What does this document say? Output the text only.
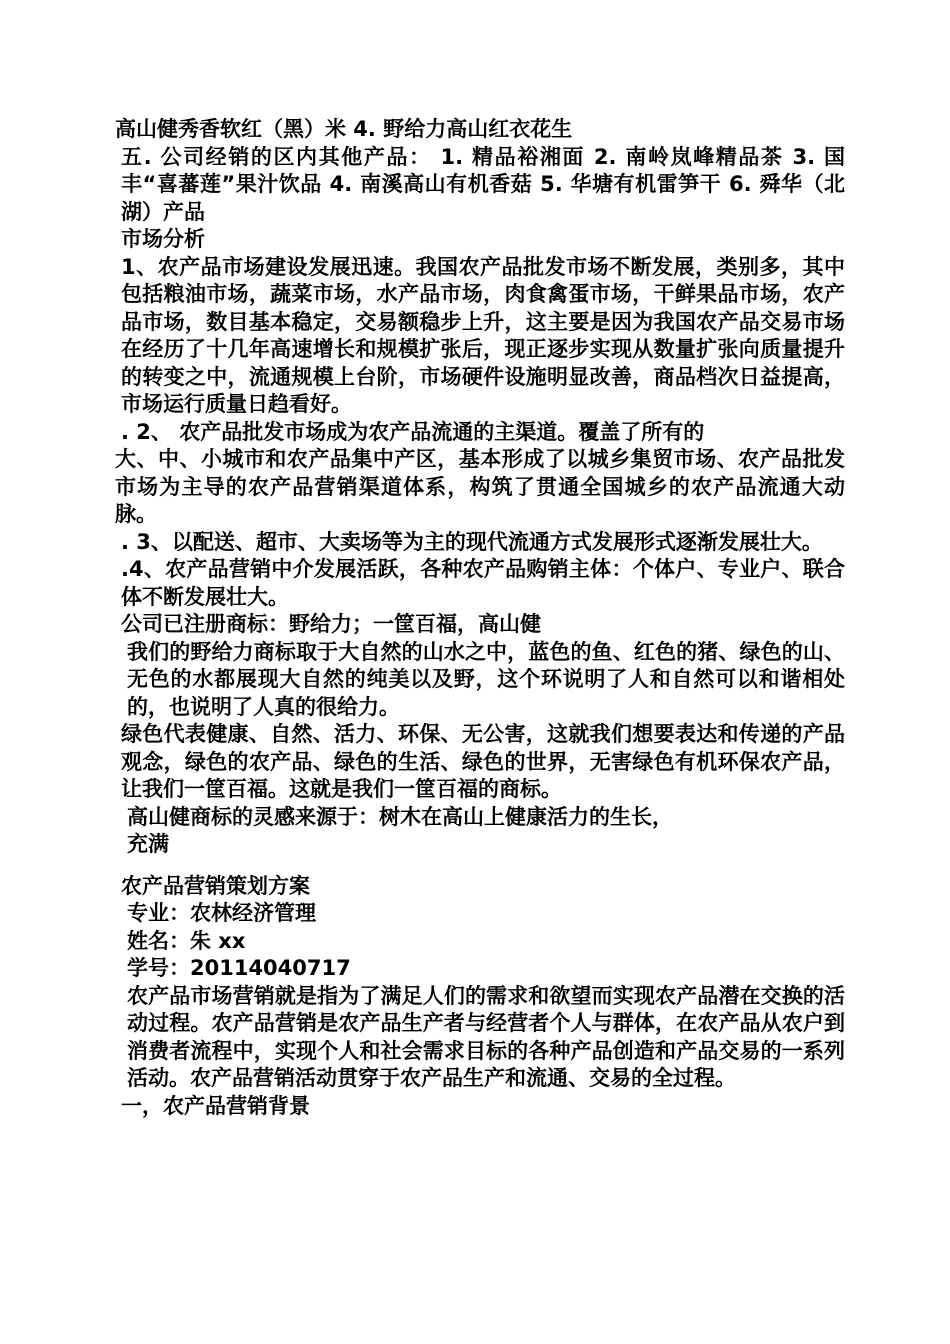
高山健秀香软红（黑）米 4. 野给力高山红衣花生

五. 公司经销的区内其他产品： 1. 精品裕湘面 2. 南岭岚峰精品茶 3. 国丰“喜蕃莲”果汁饮品 4. 南溪高山有机香菇 5. 华塘有机雷笋干 6. 舜华（北湖）产品

市场分析

1、农产品市场建设发展迅速。我国农产品批发市场不断发展，类别多，其中包括粮油市场，蔬菜市场，水产品市场，肉食禽蛋市场，干鲜果品市场，农产品市场，数目基本稳定，交易额稳步上升，这主要是因为我国农产品交易市场在经历了十几年高速增长和规模扩张后，现正逐步实现从数量扩张向质量提升的转变之中，流通规模上台阶，市场硬件设施明显改善，商品档次日益提高，市场运行质量日趋看好。

. 2、 农产品批发市场成为农产品流通的主渠道。覆盖了所有的

大、中、小城市和农产品集中产区，基本形成了以城乡集贸市场、农产品批发市场为主导的农产品营销渠道体系，构筑了贯通全国城乡的农产品流通大动脉。

. 3、以配送、超市、大卖场等为主的现代流通方式发展形式逐渐发展壮大。

.4、农产品营销中介发展活跃，各种农产品购销主体：个体户、专业户、联合体不断发展壮大。

公司已注册商标：野给力；一筐百福，高山健

我们的野给力商标取于大自然的山水之中，蓝色的鱼、红色的猪、绿色的山、无色的水都展现大自然的纯美以及野，这个环说明了人和自然可以和谐相处的，也说明了人真的很给力。

绿色代表健康、自然、活力、环保、无公害，这就我们想要表达和传递的产品观念，绿色的农产品、绿色的生活、绿色的世界，无害绿色有机环保农产品，让我们一筐百福。这就是我们一筐百福的商标。

高山健商标的灵感来源于：树木在高山上健康活力的生长，

充满

农产品营销策划方案

专业：农林经济管理

姓名：朱 xx

学号：20114040717

农产品市场营销就是指为了满足人们的需求和欲望而实现农产品潜在交换的活动过程。农产品营销是农产品生产者与经营者个人与群体，在农产品从农户到消费者流程中，实现个人和社会需求目标的各种产品创造和产品交易的一系列活动。农产品营销活动贯穿于农产品生产和流通、交易的全过程。

一，农产品营销背景
